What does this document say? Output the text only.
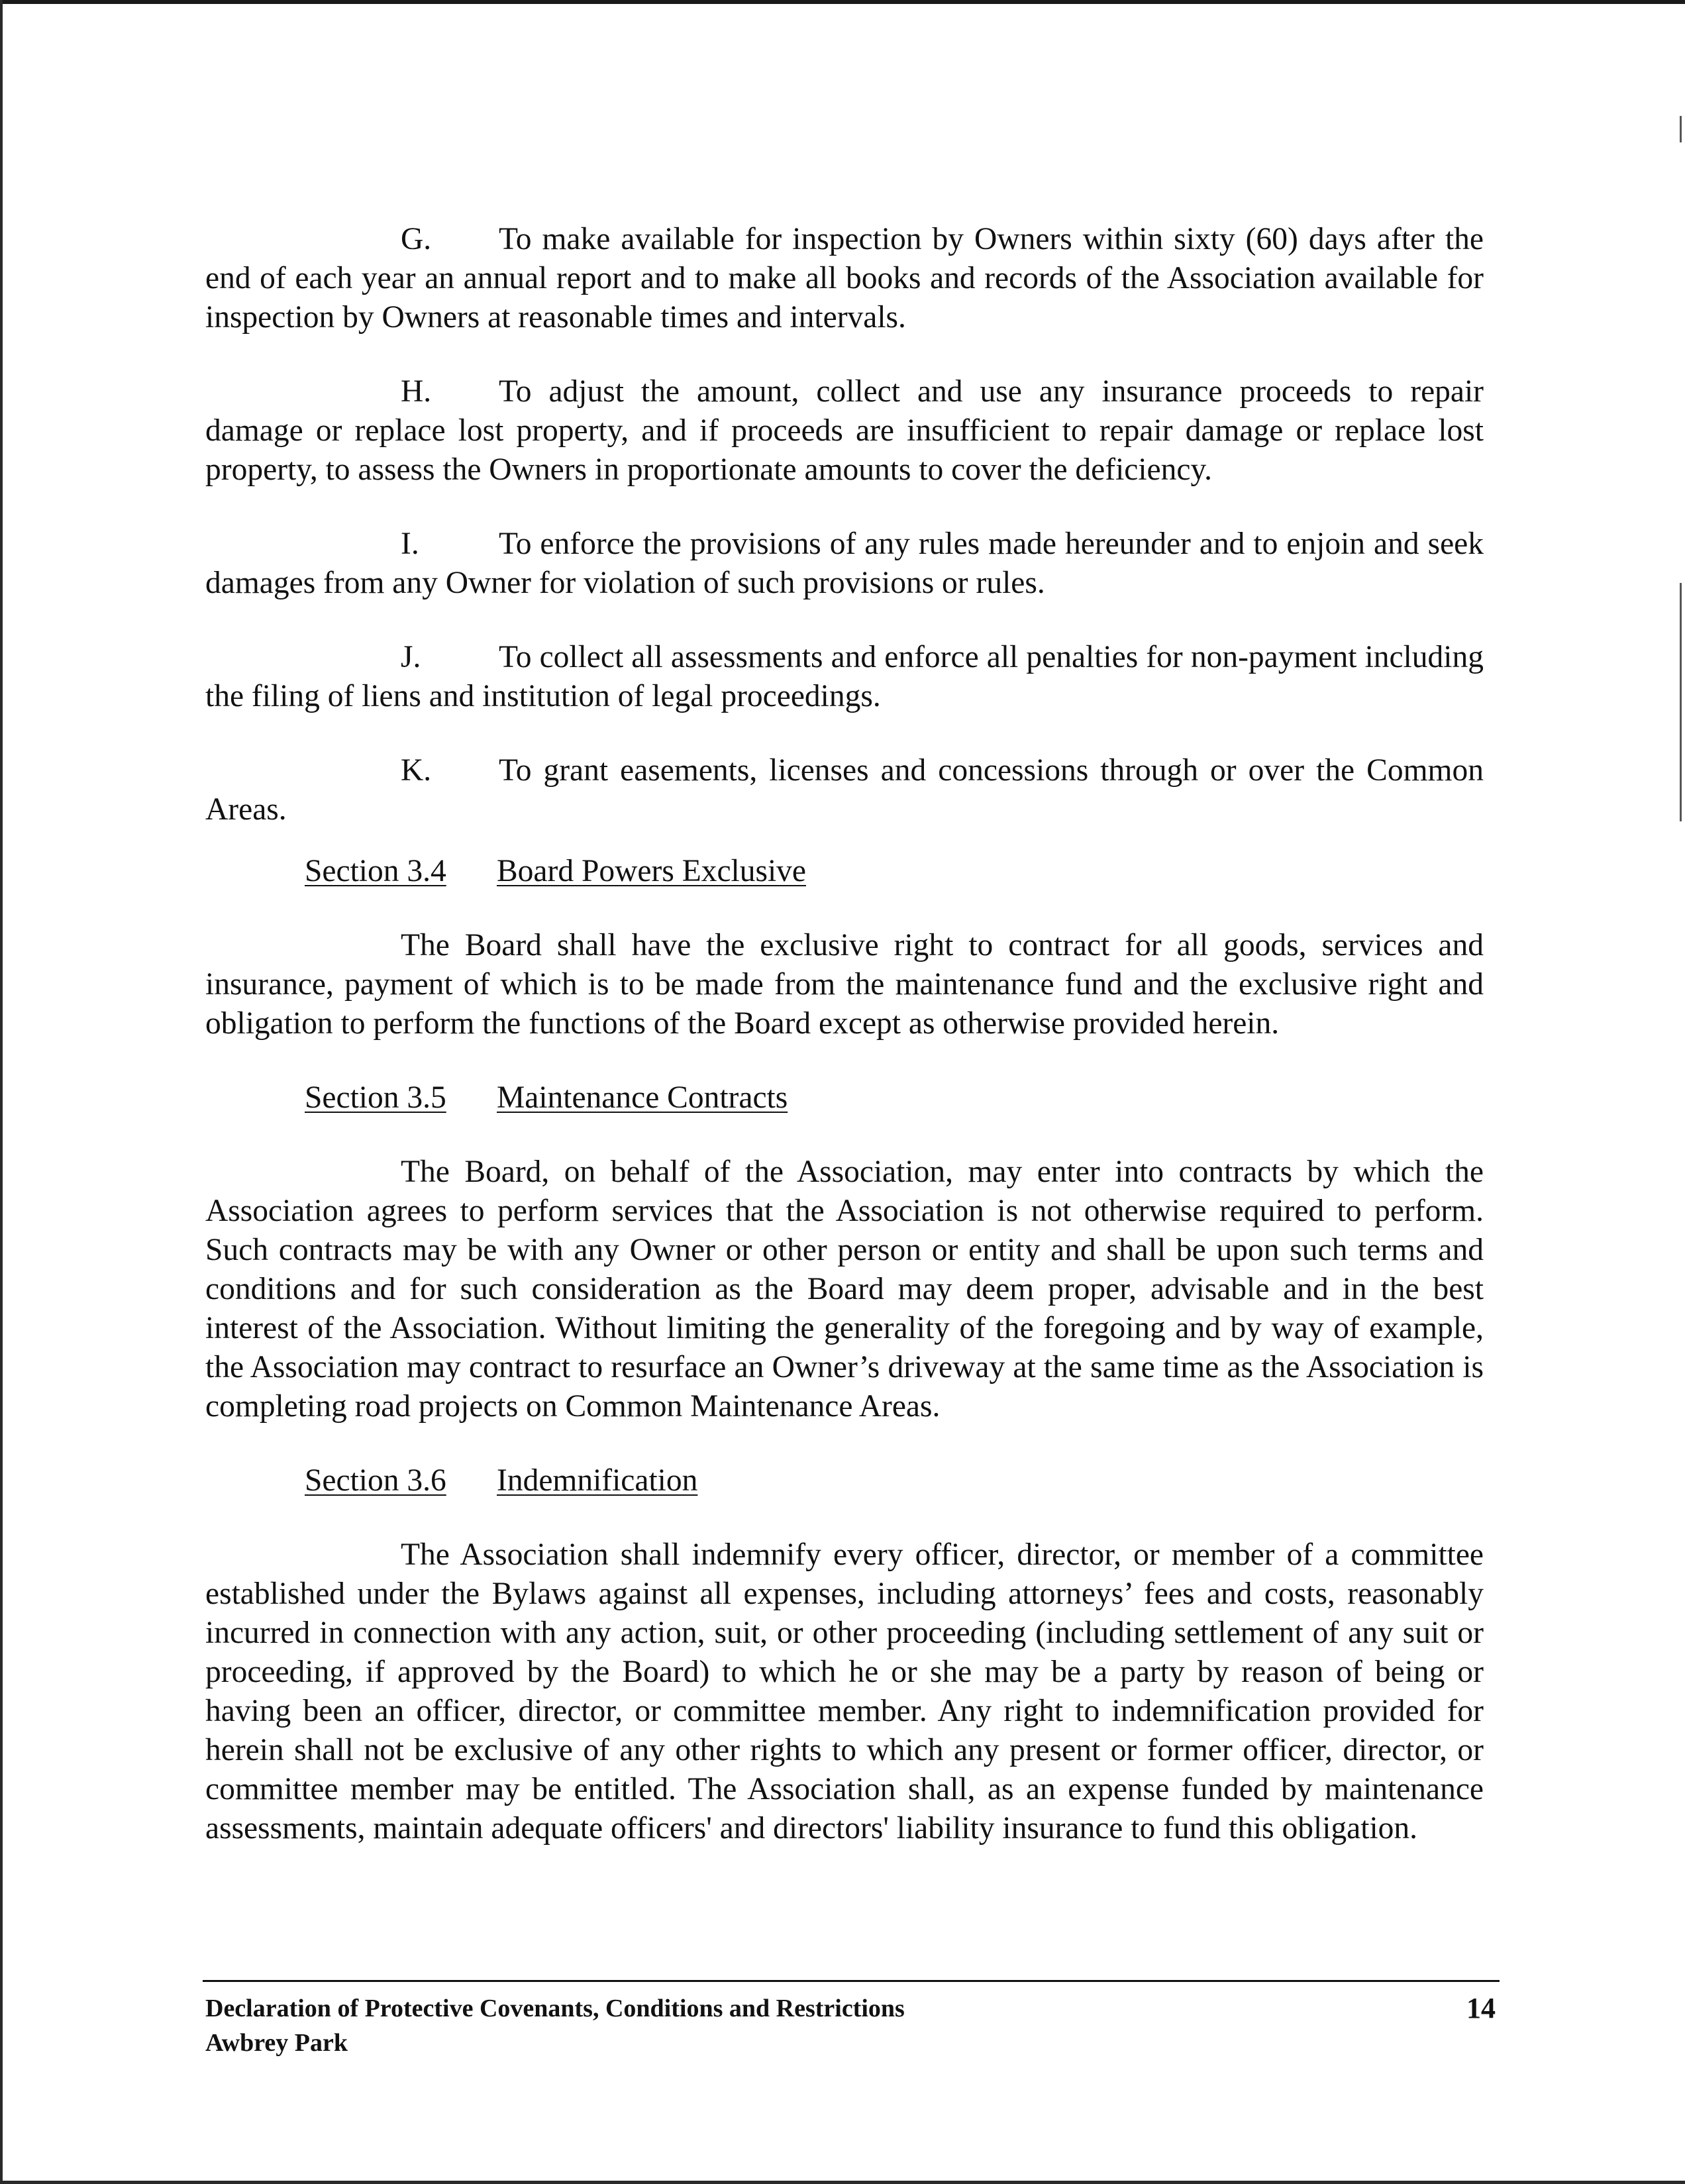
G. To make available for inspection by Owners within sixty (60) days after the end of each year an annual report and to make all books and records of the Association available for inspection by Owners at reasonable times and intervals.

H. To adjust the amount, collect and use any insurance proceeds to repair damage or replace lost property, and if proceeds are insufficient to repair damage or replace lost property, to assess the Owners in proportionate amounts to cover the deficiency.

I.	To enforce the provisions of any rules made hereunder and to enjoin and seek damages from any Owner for violation of such provisions or rules.

J. To collect all assessments and enforce all penalties for non-payment including the filing of liens and institution of legal proceedings.

K. To grant easements, licenses and concessions through or over the Common Areas.

Section 3.4 Board Powers Exclusive

The Board shall have the exclusive right to contract for all goods, services and insurance, payment of which is to be made from the maintenance fund and the exclusive right and obligation to perform the functions of the Board except as otherwise provided herein.

Section 3.5 Maintenance Contracts

The Board, on behalf of the Association, may enter into contracts by which the Association agrees to perform services that the Association is not otherwise required to perform. Such contracts may be with any Owner or other person or entity and shall be upon such terms and conditions and for such consideration as the Board may deem proper, advisable and in the best interest of the Association. Without limiting the generality of the foregoing and by way of example, the Association may contract to resurface an Owner’s driveway at the same time as the Association is completing road projects on Common Maintenance Areas.

Section 3.6 Indemnification

The Association shall indemnify every officer, director, or member of a committee established under the Bylaws against all expenses, including attorneys’ fees and costs, reasonably incurred in connection with any action, suit, or other proceeding (including settlement of any suit or proceeding, if approved by the Board) to which he or she may be a party by reason of being or having been an officer, director, or committee member. Any right to indemnification provided for herein shall not be exclusive of any other rights to which any present or former officer, director, or committee member may be entitled. The Association shall, as an expense funded by maintenance assessments, maintain adequate officers' and directors' liability insurance to fund this obligation.

Declaration of Protective Covenants, Conditions and Restrictions
Awbrey Park
14
